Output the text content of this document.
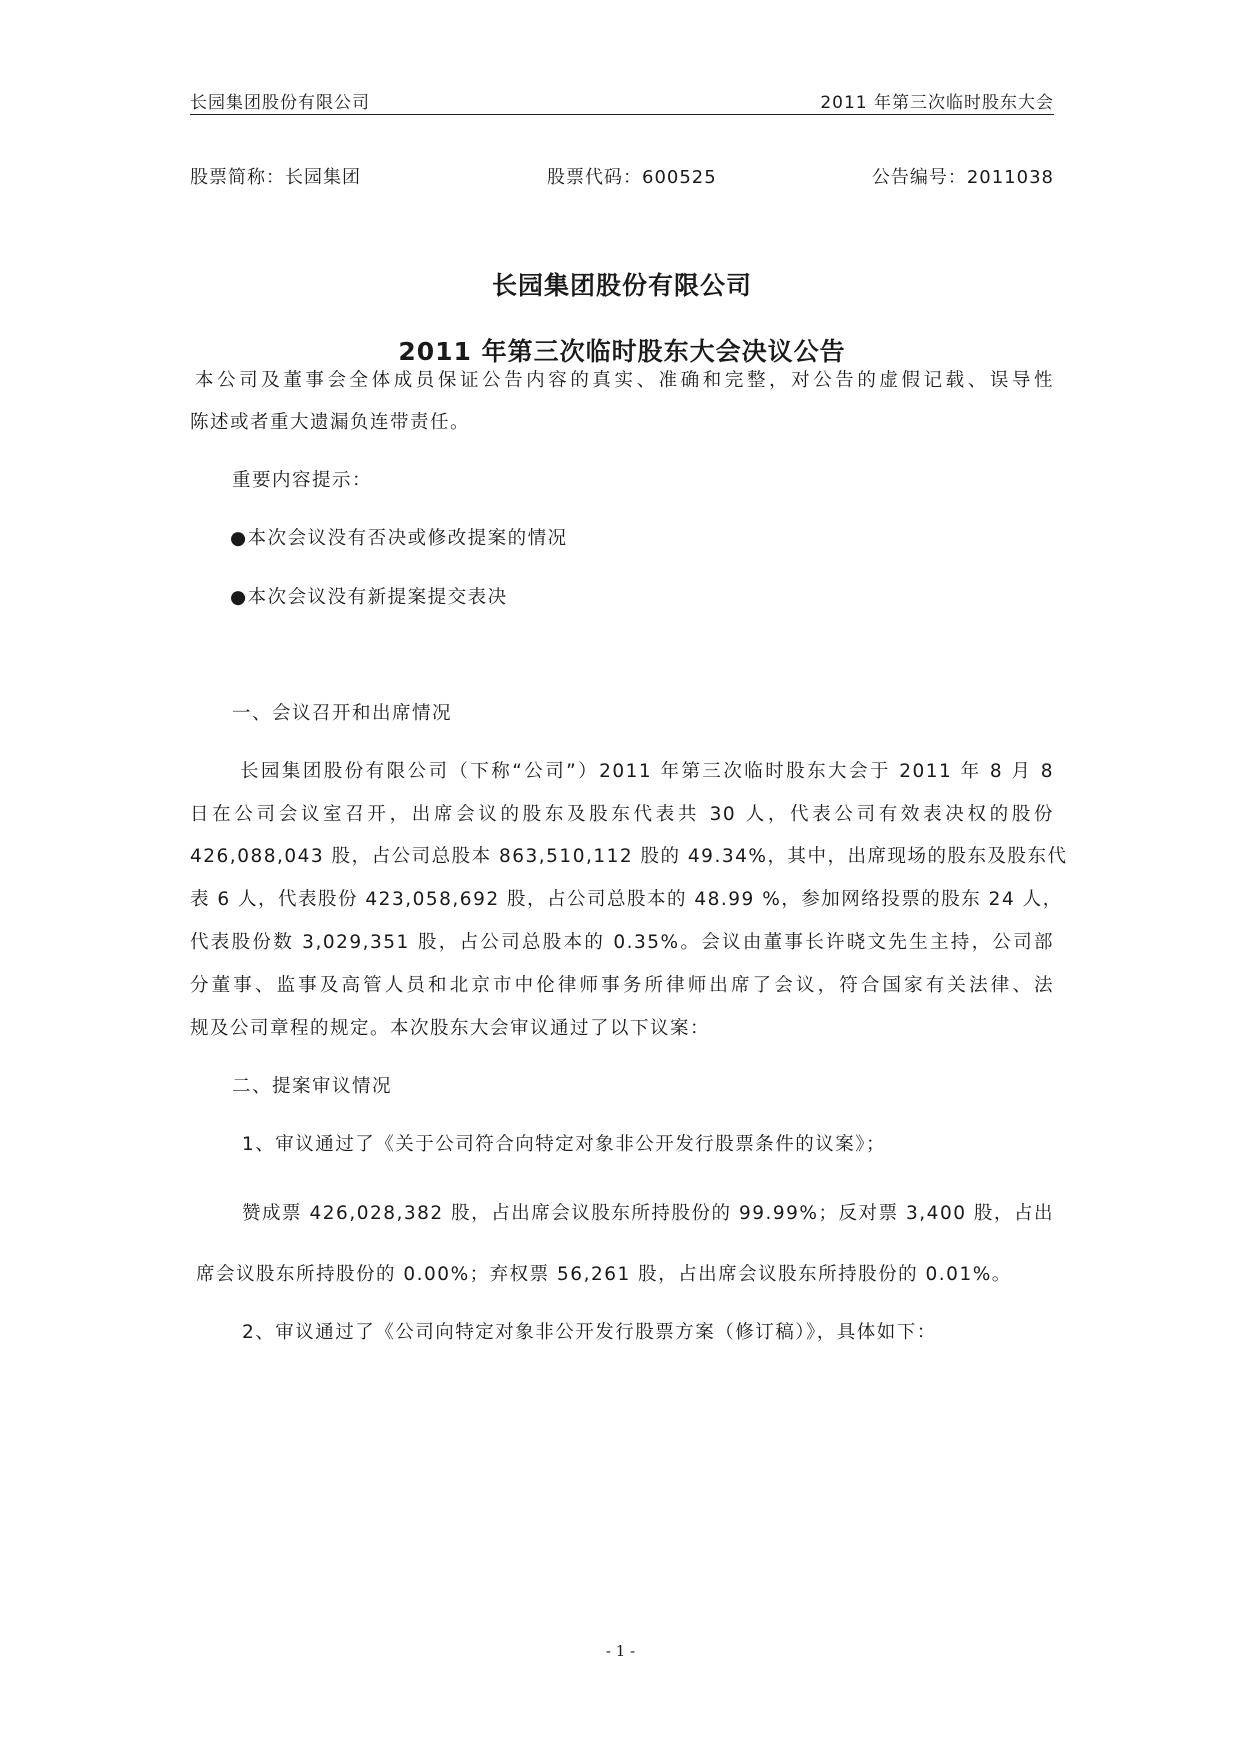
长园集团股份有限公司	2011 年第三次临时股东大会
股票简称：长园集团	股票代码：600525	公告编号：2011038
长园集团股份有限公司
2011 年第三次临时股东大会决议公告
本公司及董事会全体成员保证公告内容的真实、准确和完整，对公告的虚假记载、误导性
陈述或者重大遗漏负连带责任。
重要内容提示：
●本次会议没有否决或修改提案的情况
●本次会议没有新提案提交表决
一、会议召开和出席情况
长园集团股份有限公司（下称“公司”）2011 年第三次临时股东大会于 2011 年 8 月 8
日在公司会议室召开，出席会议的股东及股东代表共 30 人，代表公司有效表决权的股份
426,088,043 股，占公司总股本 863,510,112 股的 49.34%，其中，出席现场的股东及股东代
表 6 人，代表股份 423,058,692 股，占公司总股本的 48.99 %，参加网络投票的股东 24 人，
代表股份数 3,029,351 股，占公司总股本的 0.35%。会议由董事长许晓文先生主持，公司部
分董事、监事及高管人员和北京市中伦律师事务所律师出席了会议，符合国家有关法律、法
规及公司章程的规定。本次股东大会审议通过了以下议案：
二、提案审议情况
1、审议通过了《关于公司符合向特定对象非公开发行股票条件的议案》；
赞成票 426,028,382 股，占出席会议股东所持股份的 99.99%；反对票 3,400 股，占出
席会议股东所持股份的 0.00%；弃权票 56,261 股，占出席会议股东所持股份的 0.01%。
2、审议通过了《公司向特定对象非公开发行股票方案（修订稿）》，具体如下：
- 1 -
